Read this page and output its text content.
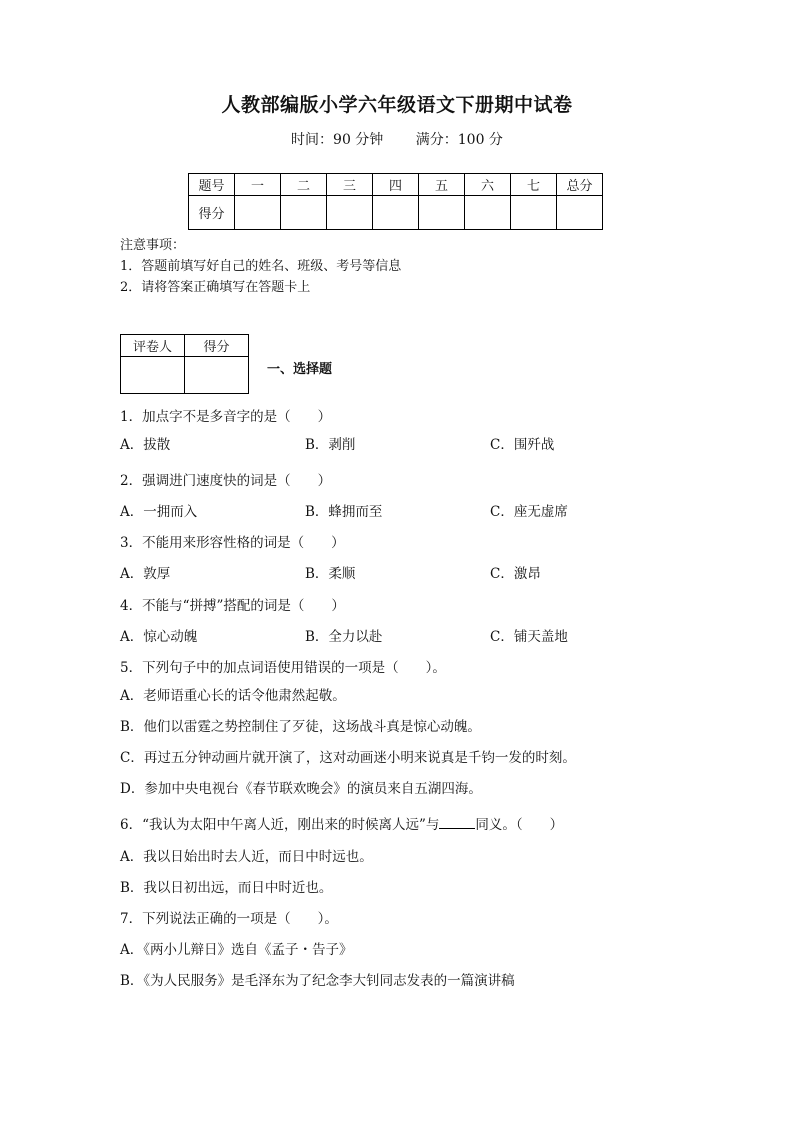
人教部编版小学六年级语文下册期中试卷
时间：90 分钟 满分：100 分
题号	一	二	三	四	五	六	七	总分
得分								
注意事项：
1．答题前填写好自己的姓名、班级、考号等信息
2．请将答案正确填写在答题卡上
评卷人	得分

一、选择题
1．加点字不是多音字的是（　　）
A．拔散	B．剥削	C．围歼战
2．强调进门速度快的词是（　　）
A．一拥而入	B．蜂拥而至	C．座无虚席
3．不能用来形容性格的词是（　　）
A．敦厚	B．柔顺	C．激昂
4．不能与“拼搏”搭配的词是（　　）
A．惊心动魄	B．全力以赴	C．铺天盖地
5．下列句子中的加点词语使用错误的一项是（　　）。
A．老师语重心长的话令他肃然起敬。
B．他们以雷霆之势控制住了歹徒，这场战斗真是惊心动魄。
C．再过五分钟动画片就开演了，这对动画迷小明来说真是千钧一发的时刻。
D．参加中央电视台《春节联欢晚会》的演员来自五湖四海。
6．“我认为太阳中午离人近，刚出来的时候离人远”与	同义。（　　）
A．我以日始出时去人近，而日中时远也。
B．我以日初出远，而日中时近也。
7．下列说法正确的一项是（　　）。
A．《两小儿辩日》选自《孟子・告子》
B．《为人民服务》是毛泽东为了纪念李大钊同志发表的一篇演讲稿
